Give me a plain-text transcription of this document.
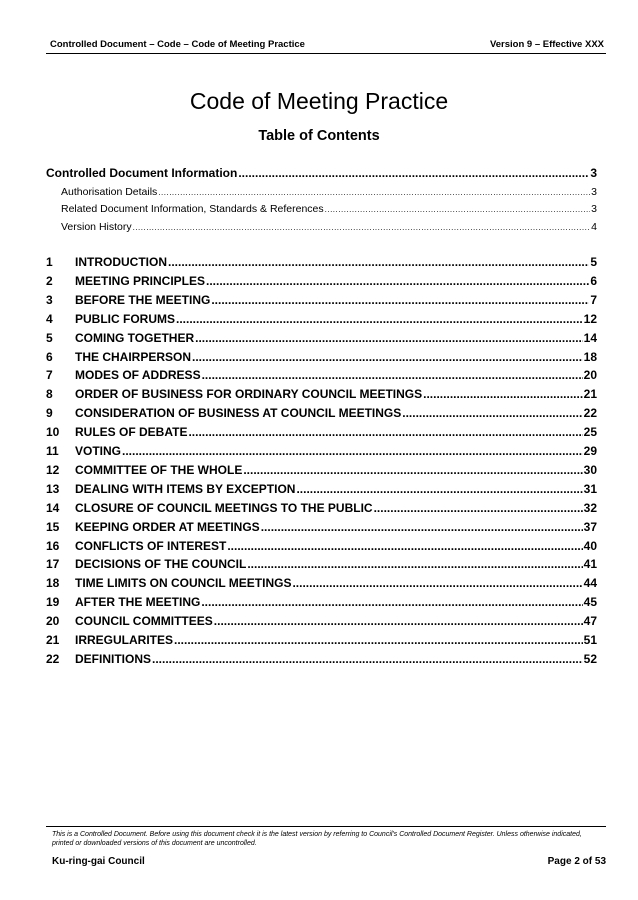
Controlled Document – Code – Code of Meeting Practice	Version 9 – Effective XXX
Code of Meeting Practice
Table of Contents
Controlled Document Information .....	3
Authorisation Details .....	3
Related Document Information, Standards & References .....	3
Version History .....	4
1	INTRODUCTION .....	5
2	MEETING PRINCIPLES .....	6
3	BEFORE THE MEETING .....	7
4	PUBLIC FORUMS .....	12
5	COMING TOGETHER .....	14
6	THE CHAIRPERSON .....	18
7	MODES OF ADDRESS .....	20
8	ORDER OF BUSINESS FOR ORDINARY COUNCIL MEETINGS .....	21
9	CONSIDERATION OF BUSINESS AT COUNCIL MEETINGS .....	22
10	RULES OF DEBATE .....	25
11	VOTING .....	29
12	COMMITTEE OF THE WHOLE .....	30
13	DEALING WITH ITEMS BY EXCEPTION .....	31
14	CLOSURE OF COUNCIL MEETINGS TO THE PUBLIC .....	32
15	KEEPING ORDER AT MEETINGS .....	37
16	CONFLICTS OF INTEREST .....	40
17	DECISIONS OF THE COUNCIL .....	41
18	TIME LIMITS ON COUNCIL MEETINGS .....	44
19	AFTER THE MEETING .....	45
20	COUNCIL COMMITTEES .....	47
21	IRREGULARITES .....	51
22	DEFINITIONS .....	52
This is a Controlled Document. Before using this document check it is the latest version by referring to Council's Controlled Document Register. Unless otherwise indicated, printed or downloaded versions of this document are uncontrolled.
Ku-ring-gai Council	Page 2 of 53
